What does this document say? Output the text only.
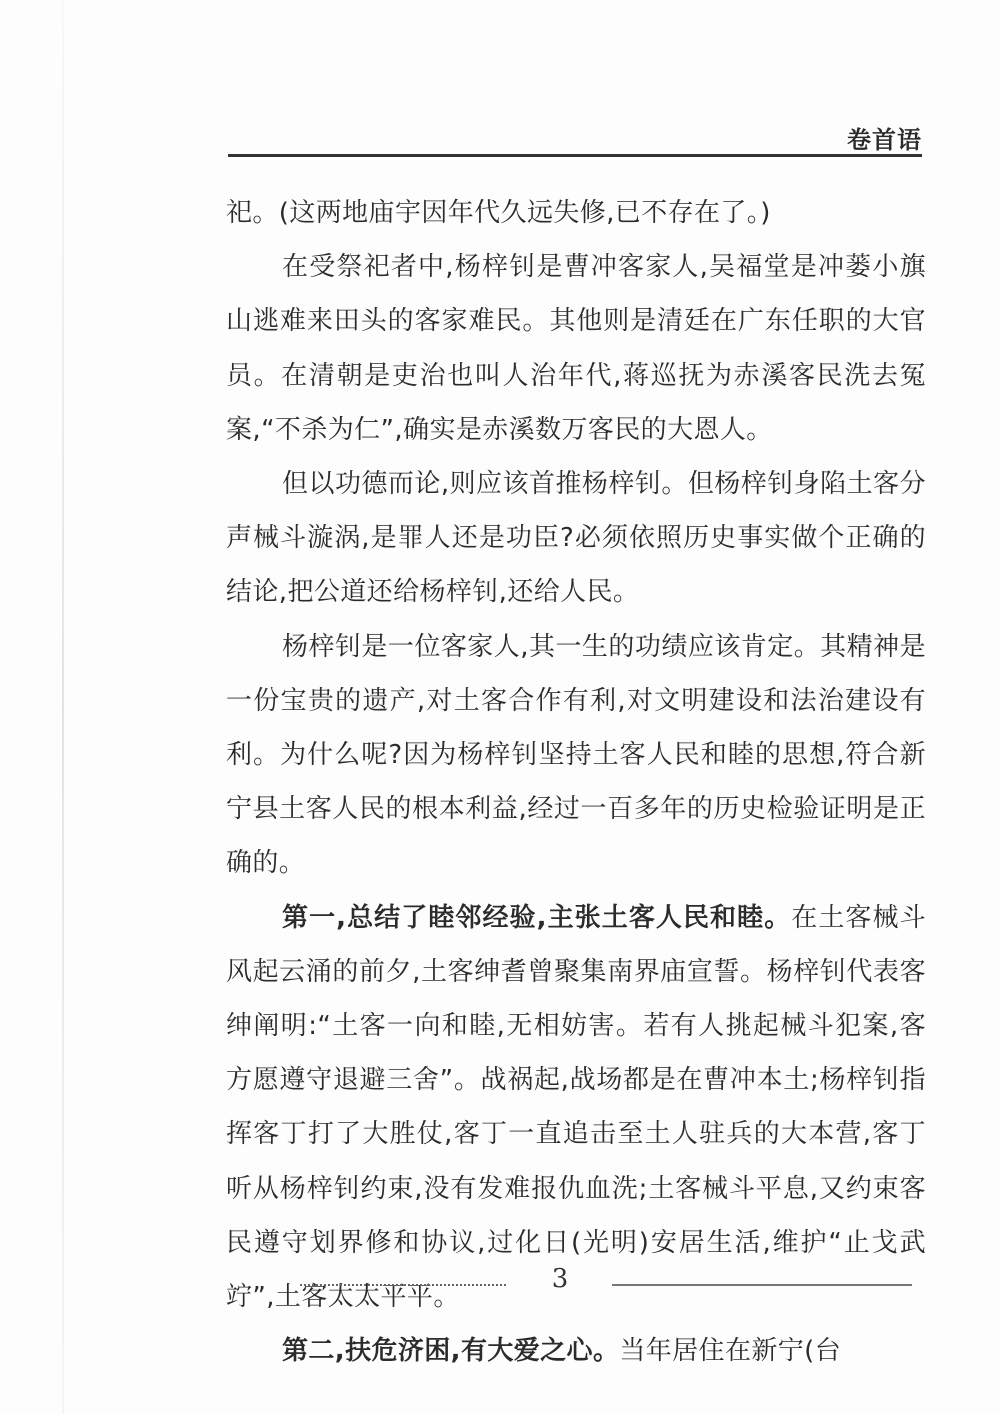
卷首语

祀。(这两地庙宇因年代久远失修,已不存在了。)

在受祭祀者中,杨梓钊是曹冲客家人,吴福堂是冲蒌小旗山逃难来田头的客家难民。其他则是清廷在广东任职的大官员。在清朝是吏治也叫人治年代,蒋巡抚为赤溪客民洗去冤案,“不杀为仁”,确实是赤溪数万客民的大恩人。

但以功德而论,则应该首推杨梓钊。但杨梓钊身陷土客分声械斗漩涡,是罪人还是功臣?必须依照历史事实做个正确的结论,把公道还给杨梓钊,还给人民。

杨梓钊是一位客家人,其一生的功绩应该肯定。其精神是一份宝贵的遗产,对土客合作有利,对文明建设和法治建设有利。为什么呢?因为杨梓钊坚持土客人民和睦的思想,符合新宁县土客人民的根本利益,经过一百多年的历史检验证明是正确的。

第一,总结了睦邻经验,主张土客人民和睦。在土客械斗风起云涌的前夕,土客绅耆曾聚集南界庙宣誓。杨梓钊代表客绅阐明:“土客一向和睦,无相妨害。若有人挑起械斗犯案,客方愿遵守退避三舍”。战祸起,战场都是在曹冲本土;杨梓钊指挥客丁打了大胜仗,客丁一直追击至土人驻兵的大本营,客丁听从杨梓钊约束,没有发难报仇血洗;土客械斗平息,又约束客民遵守划界修和协议,过化日(光明)安居生活,维护“止戈武竚”,土客太太平平。

第二,扶危济困,有大爱之心。当年居住在新宁(台

3
